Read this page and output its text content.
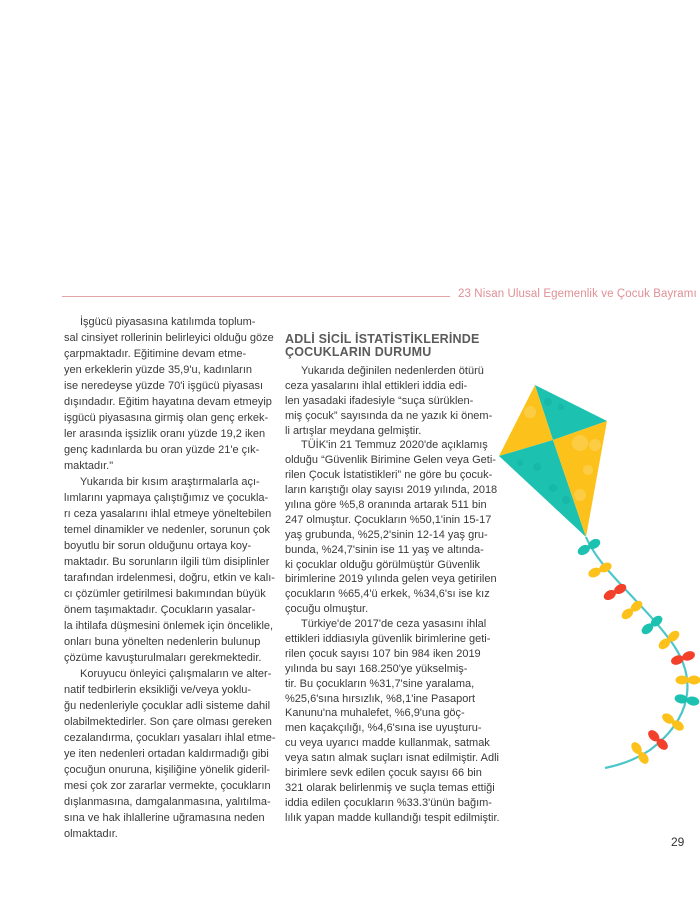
23 Nisan Ulusal Egemenlik ve Çocuk Bayramı
İşgücü piyasasına katılımda toplum-
sal cinsiyet rollerinin belirleyici olduğu göze
çarpmaktadır. Eğitimine devam etme-
yen erkeklerin yüzde 35,9'u, kadınların
ise neredeyse yüzde 70'i işgücü piyasası
dışındadır. Eğitim hayatına devam etmeyip
işgücü piyasasına girmiş olan genç erkek-
ler arasında işsizlik oranı yüzde 19,2 iken
genç kadınlarda bu oran yüzde 21'e çık-
maktadır."
Yukarıda bir kısım araştırmalarla açı-
lımlarını yapmaya çalıştığımız ve çocukla-
rı ceza yasalarını ihlal etmeye yöneltebilen
temel dinamikler ve nedenler, sorunun çok
boyutlu bir sorun olduğunu ortaya koy-
maktadır. Bu sorunların ilgili tüm disiplinler
tarafından irdelenmesi, doğru, etkin ve kalı-
cı çözümler getirilmesi bakımından büyük
önem taşımaktadır. Çocukların yasalar-
la ihtilafa düşmesini önlemek için öncelikle,
onları buna yönelten nedenlerin bulunup
çözüme kavuşturulmaları gerekmektedir.
Koruyucu önleyici çalışmaların ve alter-
natif tedbirlerin eksikliği ve/veya yoklu-
ğu nedenleriyle çocuklar adli sisteme dahil
olabilmektedirler. Son çare olması gereken
cezalandırma, çocukları yasaları ihlal etme-
ye iten nedenleri ortadan kaldırmadığı gibi
çocuğun onuruna, kişiliğine yönelik gideril-
mesi çok zor zararlar vermekte, çocukların
dışlanmasına, damgalanmasına, yalıtılma-
sına ve hak ihlallerine uğramasına neden
olmaktadır.
ADLİ SİCİL İSTATİSTİKLERİNDE
ÇOCUKLARIN DURUMU
Yukarıda değinilen nedenlerden ötürü
ceza yasalarını ihlal ettikleri iddia edi-
len yasadaki ifadesiyle “suça sürüklen-
miş çocuk” sayısında da ne yazık ki önem-
li artışlar meydana gelmiştir.
TÜİK'in 21 Temmuz 2020'de açıklamış
olduğu “Güvenlik Birimine Gelen veya Geti-
rilen Çocuk İstatistikleri” ne göre bu çocuk-
ların karıştığı olay sayısı 2019 yılında, 2018
yılına göre %5,8 oranında artarak 511 bin
247 olmuştur. Çocukların %50,1'inin 15-17
yaş grubunda, %25,2'sinin 12-14 yaş gru-
bunda, %24,7'sinin ise 11 yaş ve altında-
ki çocuklar olduğu görülmüştür Güvenlik
birimlerine 2019 yılında gelen veya getirilen
çocukların %65,4'ü erkek, %34,6'sı ise kız
çocuğu olmuştur.
Türkiye'de 2017'de ceza yasasını ihlal
ettikleri iddiasıyla güvenlik birimlerine geti-
rilen çocuk sayısı 107 bin 984 iken 2019
yılında bu sayı 168.250'ye yükselmiş-
tir. Bu çocukların %31,7'sine yaralama,
%25,6'sına hırsızlık, %8,1'ine Pasaport
Kanunu'na muhalefet, %6,9'una göç-
men kaçakçılığı, %4,6'sına ise uyuşturu-
cu veya uyarıcı madde kullanmak, satmak
veya satın almak suçları isnat edilmiştir. Adli
birimlere sevk edilen çocuk sayısı 66 bin
321 olarak belirlenmiş ve suçla temas ettiği
iddia edilen çocukların %33.3'ünün bağım-
lılık yapan madde kullandığı tespit edilmiştir.
29
